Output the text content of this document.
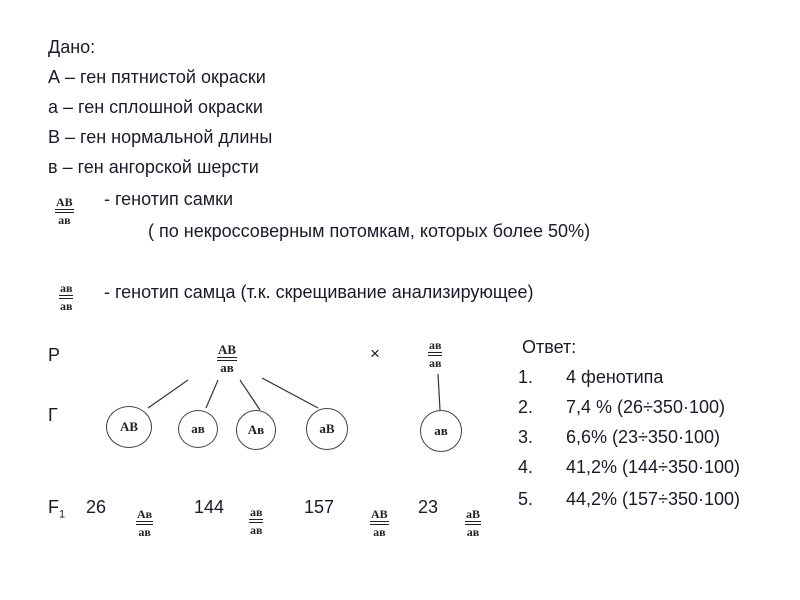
Дано:
А – ген пятнистой окраски
а – ген сплошной окраски
В – ген нормальной длины
в – ген ангорской шерсти
АВ
ав
- генотип самки
( по некроссоверным потомкам, которых более 50%)
ав
ав
- генотип самца (т.к. скрещивание анализирующее)
Р
Г
$F_1$
АВ
ав
×	ав
ав
АВ	ав	Ав	аВ	ав
26	Ав
ав
144 ав
ав
157	АВ
ав
23 аВ
ав
Ответ:
1. 4 фенотипа
2. 7,4 % (26÷350·100)
3. 6,6% (23÷350·100)
4. 41,2% (144÷350·100)
5. 44,2% (157÷350·100)
